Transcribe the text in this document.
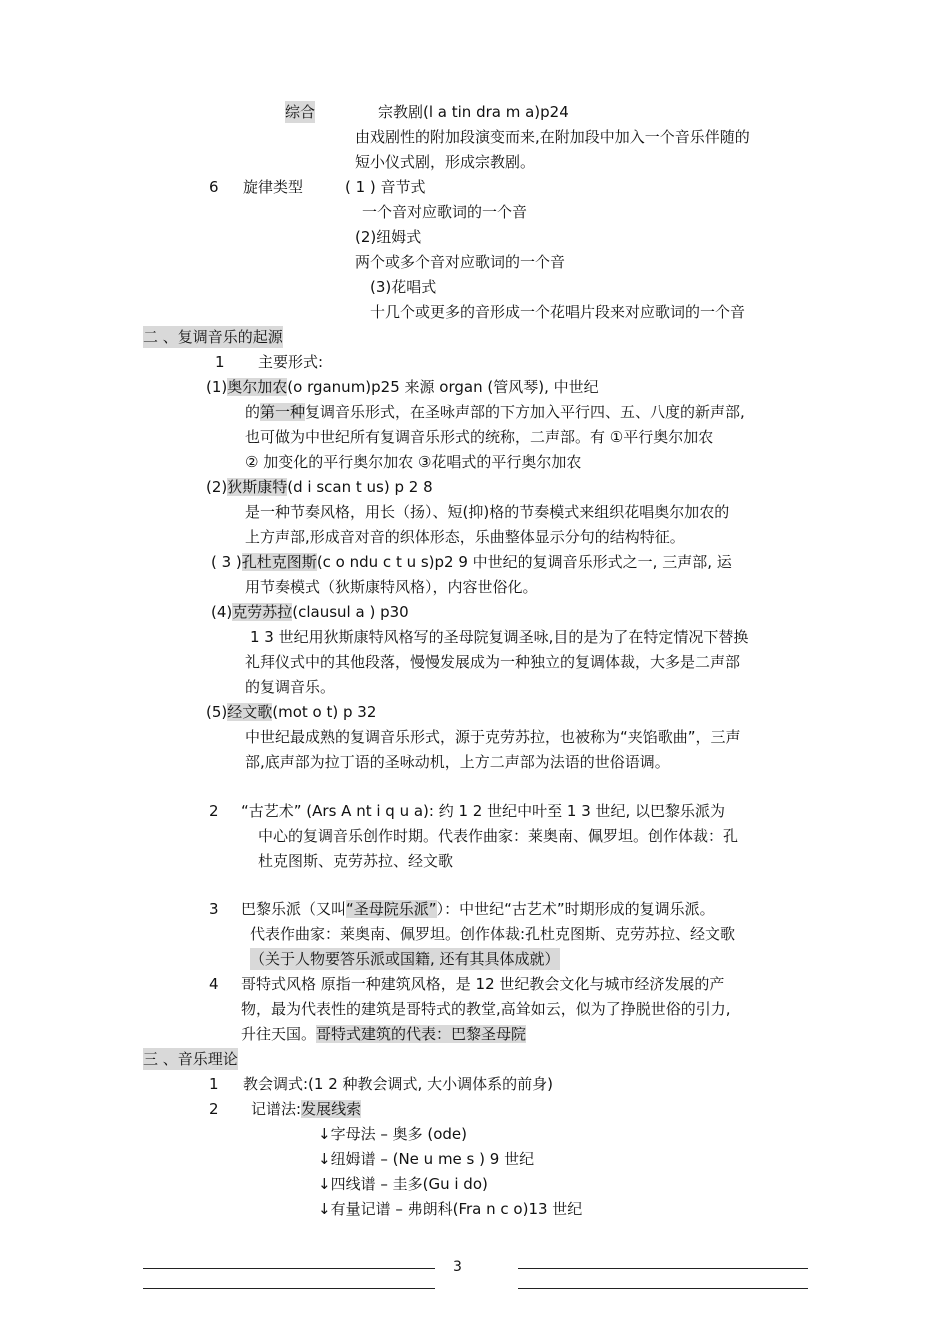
综合	宗教剧(l a tin dra m a)p24
由戏剧性的附加段演变而来,在附加段中加入一个音乐伴随的
短小仪式剧，形成宗教剧。
6 旋律类型	( 1 ) 音节式
一个音对应歌词的一个音
(2)纽姆式
两个或多个音对应歌词的一个音
(3)花唱式
十几个或更多的音形成一个花唱片段来对应歌词的一个音
二 、复调音乐的起源
1 主要形式:
(1)奥尔加农(o rganum)p25 来源 organ (管风琴), 中世纪
的第一种复调音乐形式，在圣咏声部的下方加入平行四、五、八度的新声部,
也可做为中世纪所有复调音乐形式的统称，二声部。有 ①平行奥尔加农
② 加变化的平行奥尔加农 ③花唱式的平行奥尔加农
(2)狄斯康特(d i scan t us) p 2 8
是一种节奏风格，用长（扬）、短(抑)格的节奏模式来组织花唱奥尔加农的
上方声部,形成音对音的织体形态，乐曲整体显示分句的结构特征。
( 3 )孔杜克图斯(c o ndu c t u s)p2 9 中世纪的复调音乐形式之一, 三声部, 运
用节奏模式（狄斯康特风格），内容世俗化。
(4)克劳苏拉(clausul a ) p30
1 3 世纪用狄斯康特风格写的圣母院复调圣咏,目的是为了在特定情况下替换
礼拜仪式中的其他段落，慢慢发展成为一种独立的复调体裁，大多是二声部
的复调音乐。
(5)经文歌(mot o t) p 32
中世纪最成熟的复调音乐形式，源于克劳苏拉，也被称为“夹馅歌曲”，三声
部,底声部为拉丁语的圣咏动机，上方二声部为法语的世俗语调。
2 “古艺术” (Ars A nt i q u a): 约 1 2 世纪中叶至 1 3 世纪, 以巴黎乐派为
中心的复调音乐创作时期。代表作曲家：莱奥南、佩罗坦。创作体裁：孔
杜克图斯、克劳苏拉、经文歌
3 巴黎乐派（又叫“圣母院乐派”）：中世纪“古艺术”时期形成的复调乐派。
代表作曲家：莱奥南、佩罗坦。创作体裁:孔杜克图斯、克劳苏拉、经文歌
（关于人物要答乐派或国籍, 还有其具体成就）
4 哥特式风格 原指一种建筑风格，是 12 世纪教会文化与城市经济发展的产
物，最为代表性的建筑是哥特式的教堂,高耸如云，似为了挣脱世俗的引力,
升往天国。哥特式建筑的代表：巴黎圣母院
三 、音乐理论
1 教会调式:(1 2 种教会调式, 大小调体系的前身)
2 记谱法:发展线索
↓字母法 – 奥多 (ode)
↓纽姆谱 – (Ne u me s ) 9 世纪
↓四线谱 – 圭多(Gu i do)
↓有量记谱 – 弗朗科(Fra n c o)13 世纪
3
